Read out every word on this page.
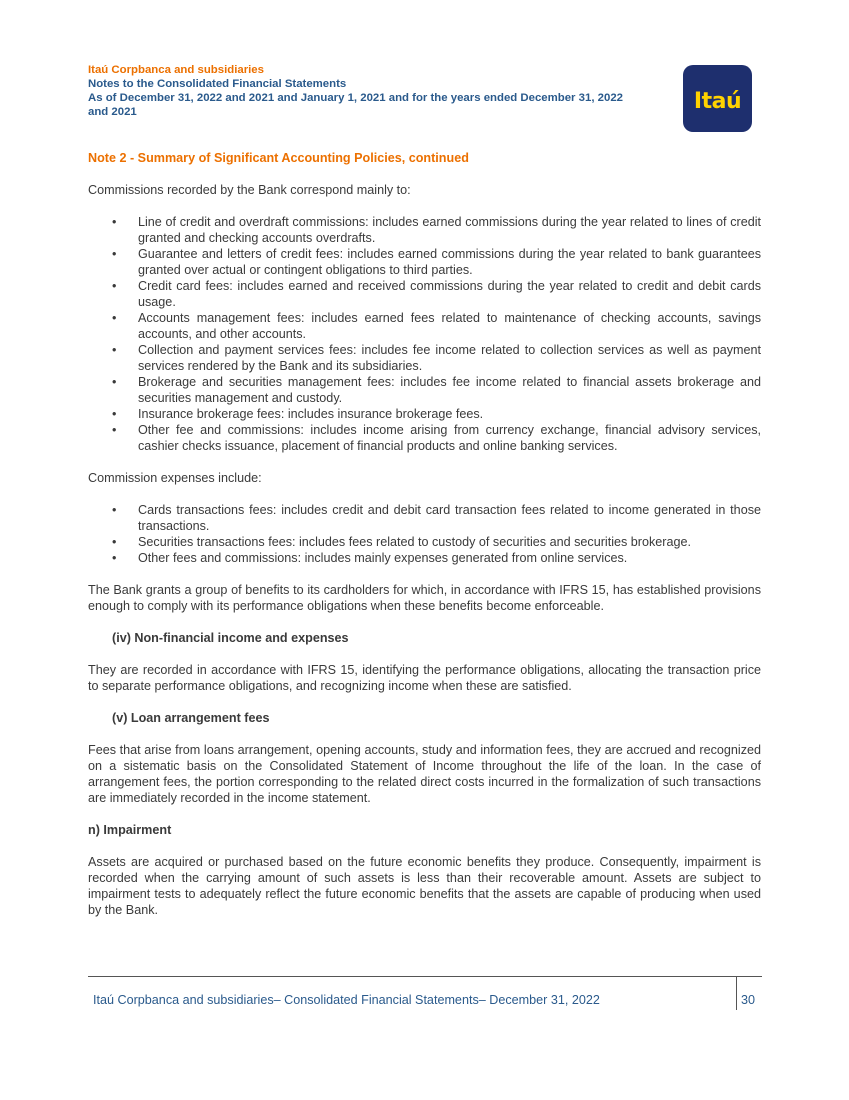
Itaú Corpbanca and subsidiaries
Notes to the Consolidated Financial Statements
As of December 31, 2022 and 2021 and January 1, 2021 and for the years ended December 31, 2022
and 2021	Itaú
Note 2 - Summary of Significant Accounting Policies, continued

Commissions recorded by the Bank correspond mainly to:

• Line of credit and overdraft commissions: includes earned commissions during the year related to lines of credit granted and checking accounts overdrafts.
• Guarantee and letters of credit fees: includes earned commissions during the year related to bank guarantees granted over actual or contingent obligations to third parties.
• Credit card fees: includes earned and received commissions during the year related to credit and debit cards usage.
• Accounts management fees: includes earned fees related to maintenance of checking accounts, savings accounts, and other accounts.
• Collection and payment services fees: includes fee income related to collection services as well as payment services rendered by the Bank and its subsidiaries.
• Brokerage and securities management fees: includes fee income related to financial assets brokerage and securities management and custody.
• Insurance brokerage fees: includes insurance brokerage fees.
• Other fee and commissions: includes income arising from currency exchange, financial advisory services, cashier checks issuance, placement of financial products and online banking services.

Commission expenses include:

• Cards transactions fees: includes credit and debit card transaction fees related to income generated in those transactions.
• Securities transactions fees: includes fees related to custody of securities and securities brokerage.
• Other fees and commissions: includes mainly expenses generated from online services.

The Bank grants a group of benefits to its cardholders for which, in accordance with IFRS 15, has established provisions enough to comply with its performance obligations when these benefits become enforceable.

(iv) Non-financial income and expenses

They are recorded in accordance with IFRS 15, identifying the performance obligations, allocating the transaction price to separate performance obligations, and recognizing income when these are satisfied.

(v) Loan arrangement fees

Fees that arise from loans arrangement, opening accounts, study and information fees, they are accrued and recognized on a sistematic basis on the Consolidated Statement of Income throughout the life of the loan. In the case of arrangement fees, the portion corresponding to the related direct costs incurred in the formalization of such transactions are immediately recorded in the income statement.

n) Impairment

Assets are acquired or purchased based on the future economic benefits they produce. Consequently, impairment is recorded when the carrying amount of such assets is less than their recoverable amount. Assets are subject to impairment tests to adequately reflect the future economic benefits that the assets are capable of producing when used by the Bank.

Itaú Corpbanca and subsidiaries– Consolidated Financial Statements– December 31, 2022	30
